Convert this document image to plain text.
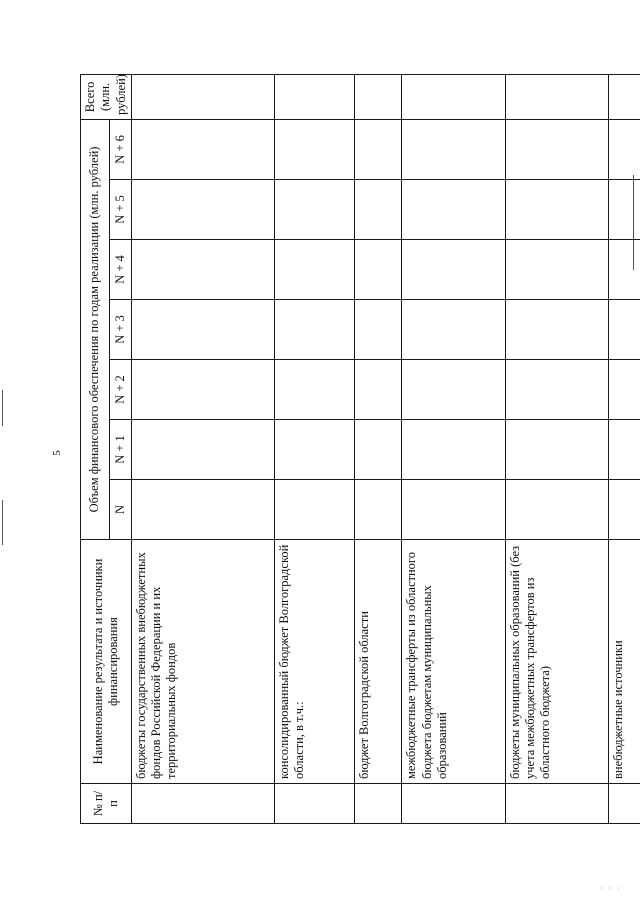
5
№ п/п	Наименование результата и источники финансирования	Объем финансового обеспечения по годам реализации (млн. рублей)							Всего (млн. рублей)
		N	N + 1	N + 2	N + 3	N + 4	N + 5	N + 6	
	бюджеты государственных внебюджетных фондов Российской Федерации и их территориальных фондов								
	консолидированный бюджет Волгоградской области, в т.ч.:								
	бюджет Волгоградской области								
	межбюджетные трансферты из областного бюджета бюджетам муниципальных образований								
	бюджеты муниципальных образований (без учета межбюджетных трансфертов из областного бюджета)								
	внебюджетные источники								
· · ·
